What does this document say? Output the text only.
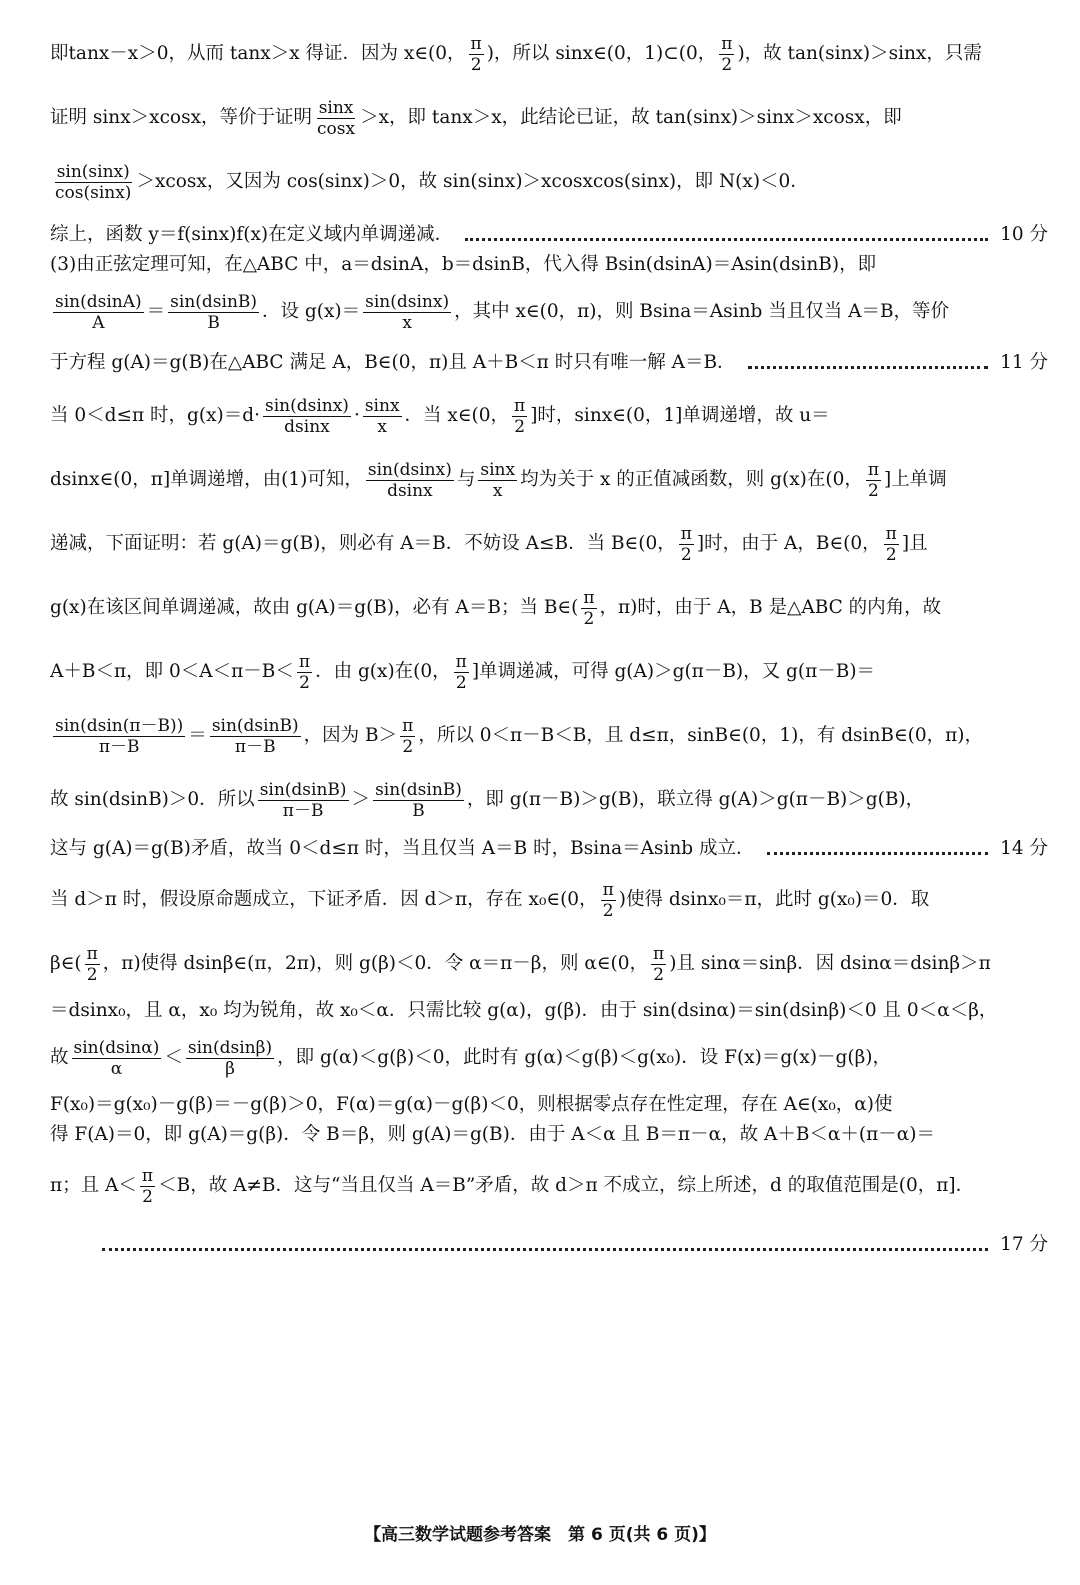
即tanx－x＞0，从而 tanx＞x 得证．因为 x∈(0， $\frac{\pi}{2}$ )，所以 sinx∈(0，1)⊂(0， $\frac{\pi}{2}$ )，故 tan(sinx)＞sinx，只需
证明 sinx＞xcosx，等价于证明 $\frac{\sin x}{\cos x} >x$，即 tanx＞x，此结论已证，故 tan(sinx)＞sinx＞xcosx，即
$\frac{\sin(\sin x)}{\cos(\sin x)} >xcosx$，又因为 cos(sinx)＞0，故 sin(sinx)＞xcosxcos(sinx)，即 N(x)＜0．
综上，函数 y＝f(sinx)f(x)在定义域内单调递减．	10 分
(3)由正弦定理可知，在△ABC 中，a＝dsinA，b＝dsinB，代入得 Bsin(dsinA)＝Asin(dsinB)，即
$\frac{\sin(dsinA)}{A} = \frac{\sin(dsinB)}{B}$ ．设 $g(x)= \frac{\sin(dsinx)}{x}$ ，其中 x∈(0，π)，则 Bsina＝Asinb 当且仅当 A＝B，等价
于方程 g(A)＝g(B)在△ABC 满足 A，B∈(0，π)且 A＋B＜π 时只有唯一解 A＝B．	11 分
当 0＜d≤π 时，$g(x)=d\cdot \frac{\sin(dsinx)}{dsinx} \cdot \frac{\sin x}{x}$ ．当 x∈(0， $\frac{\pi}{2}$ ]时，sinx∈(0，1]单调递增，故 u＝
dsinx∈(0，π]单调递增，由(1)可知， $\frac{\sin(dsinx)}{dsinx}$ 与 $\frac{\sin x}{x}$ 均为关于 x 的正值减函数，则 g(x)在(0， $\frac{\pi}{2}$ ]上单调
递减，下面证明：若 g(A)＝g(B)，则必有 A＝B．不妨设 A≤B．当 B∈(0， $\frac{\pi}{2}$ ]时，由于 A，B∈(0， $\frac{\pi}{2}$ ]且
g(x)在该区间单调递减，故由 g(A)＝g(B)，必有 A＝B；当 B∈( $\frac{\pi}{2}$ ，π)时，由于 A，B 是△ABC 的内角，故
A＋B＜π，即 $0<A<\pi-B< \frac{\pi}{2}$ ．由 g(x)在(0， $\frac{\pi}{2}$ ]单调递减，可得 g(A)＞g(π－B)，又 g(π－B)＝
$\frac{\sin(dsin(\pi-B))}{\pi-B} = \frac{\sin(dsinB)}{\pi-B}$ ，因为 $B> \frac{\pi}{2}$ ，所以 0＜π－B＜B，且 d≤π，sinB∈(0，1)，有 dsinB∈(0，π)，
故 sin(dsinB)＞0．所以 $\frac{\sin(dsinB)}{\pi-B} > \frac{\sin(dsinB)}{B}$ ，即 g(π－B)＞g(B)，联立得 g(A)＞g(π－B)＞g(B)，
这与 g(A)＝g(B)矛盾，故当 0＜d≤π 时，当且仅当 A＝B 时，Bsina＝Asinb 成立．	14 分
当 d＞π 时，假设原命题成立，下证矛盾．因 d＞π，存在 x₀∈(0， $\frac{\pi}{2}$ )使得 dsinx₀＝π，此时 g(x₀)＝0．取
β∈( $\frac{\pi}{2}$ ，π)使得 dsinβ∈(π，2π)，则 g(β)＜0．令 α＝π－β，则 α∈(0， $\frac{\pi}{2}$ )且 sinα＝sinβ．因 dsinα＝dsinβ＞π
＝dsinx₀，且 α，x₀ 均为锐角，故 x₀＜α．只需比较 g(α)，g(β)．由于 sin(dsinα)＝sin(dsinβ)＜0 且 0＜α＜β，
故 $\frac{\sin(dsin\alpha)}{\alpha} < \frac{\sin(dsin\beta)}{\beta}$ ，即 g(α)＜g(β)＜0，此时有 g(α)＜g(β)＜g(x₀)．设 F(x)＝g(x)－g(β)，
F(x₀)＝g(x₀)－g(β)＝－g(β)＞0，F(α)＝g(α)－g(β)＜0，则根据零点存在性定理，存在 A∈(x₀，α)使
得 F(A)＝0，即 g(A)＝g(β)．令 B＝β，则 g(A)＝g(B)．由于 A＜α 且 B＝π－α，故 A＋B＜α＋(π－α)＝
π；且 $A< \frac{\pi}{2} <B$，故 A≠B．这与“当且仅当 A＝B”矛盾，故 d＞π 不成立，综上所述，d 的取值范围是(0，π]．
17 分
【高三数学试题参考答案　第 6 页(共 6 页)】
